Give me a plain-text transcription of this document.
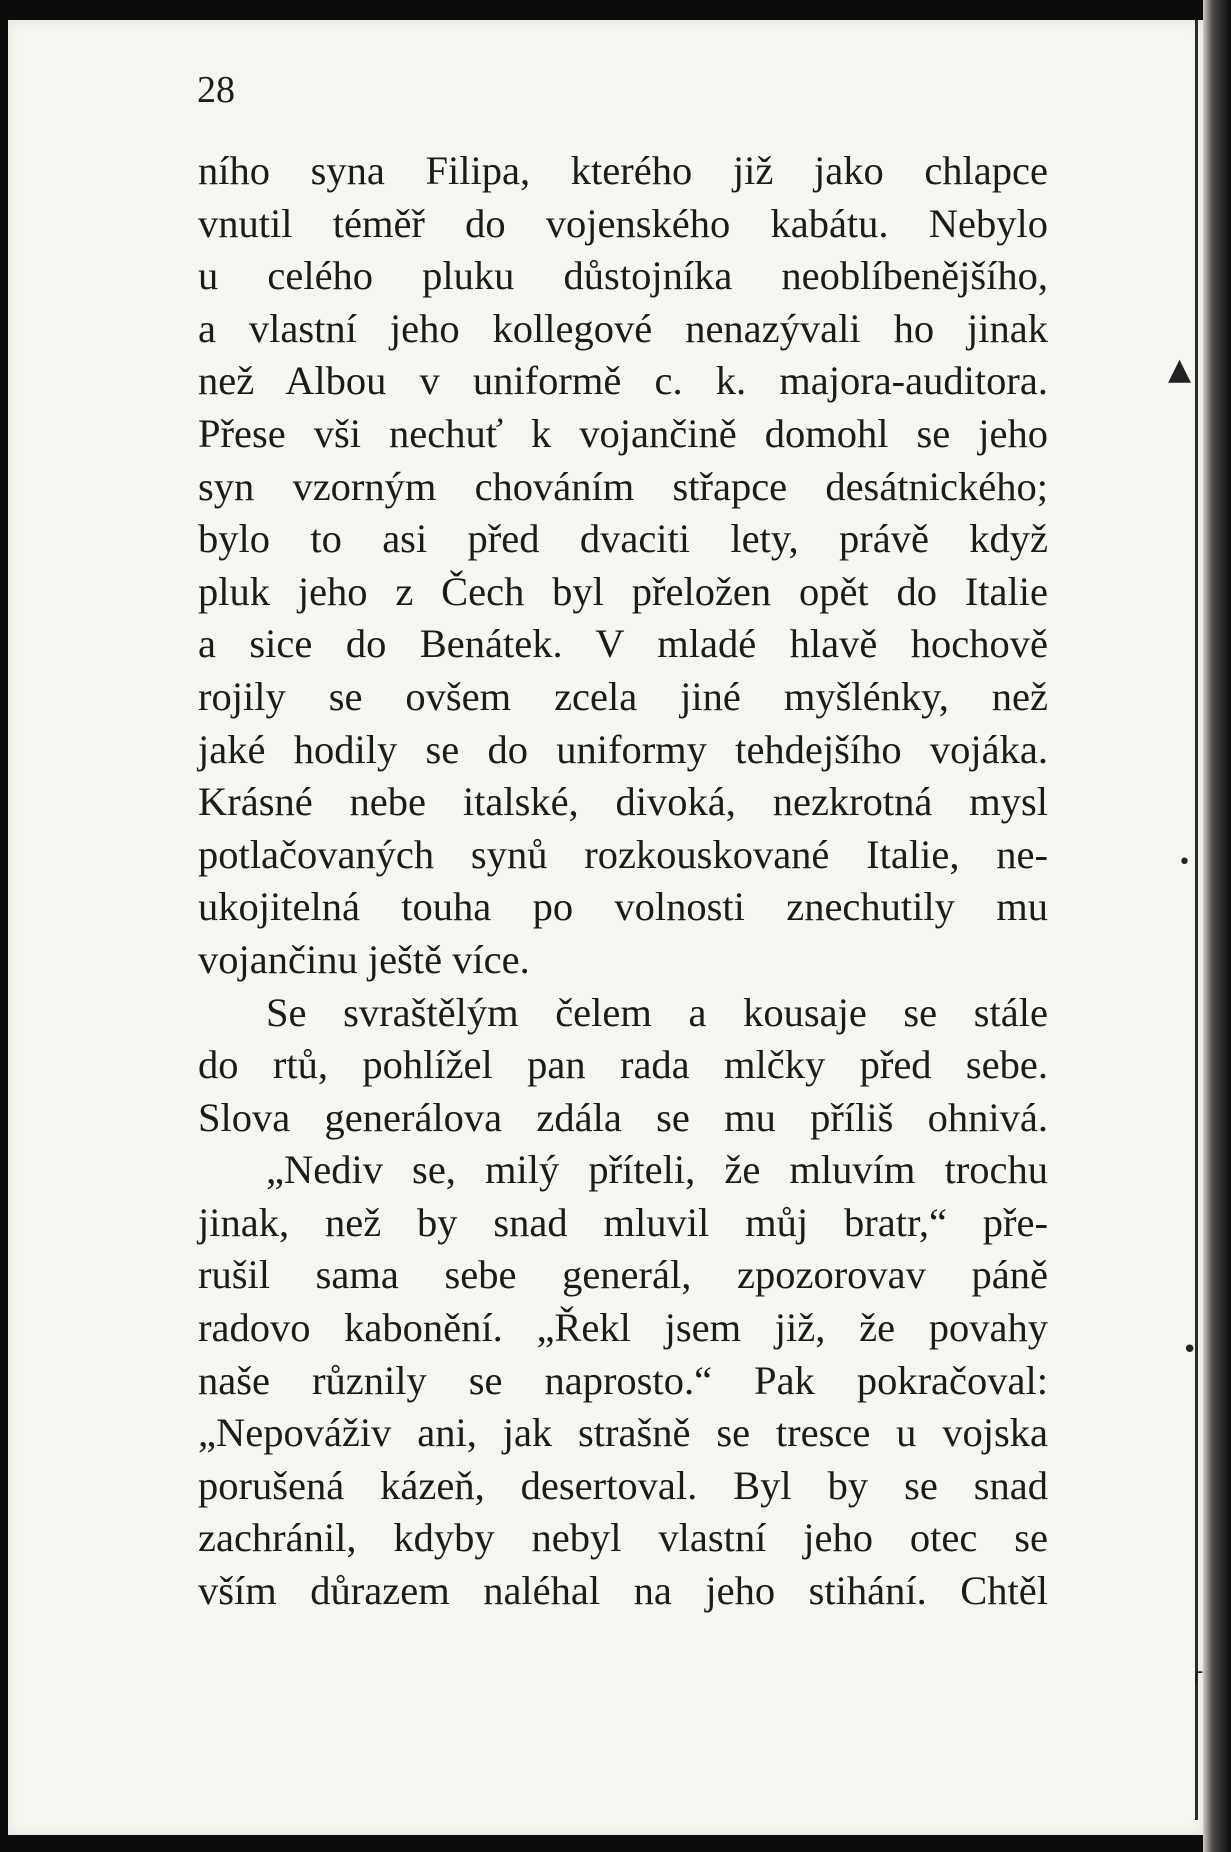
28
ního syna Filipa, kterého již jako chlapce
vnutil téměř do vojenského kabátu. Nebylo
u celého pluku důstojníka neoblíbenějšího,
a vlastní jeho kollegové nenazývali ho jinak
než Albou v uniformě c. k. majora-auditora.
Přese vši nechuť k vojančině domohl se jeho
syn vzorným chováním střapce desátnického;
bylo to asi před dvaciti lety, právě když
pluk jeho z Čech byl přeložen opět do Italie
a sice do Benátek. V mladé hlavě hochově
rojily se ovšem zcela jiné myšlénky, než
jaké hodily se do uniformy tehdejšího vojáka.
Krásné nebe italské, divoká, nezkrotná mysl
potlačovaných synů rozkouskované Italie, ne-
ukojitelná touha po volnosti znechutily mu
vojančinu ještě více.
Se svraštělým čelem a kousaje se stále
do rtů, pohlížel pan rada mlčky před sebe.
Slova generálova zdála se mu příliš ohnivá.
„Nediv se, milý příteli, že mluvím trochu
jinak, než by snad mluvil můj bratr,“ pře-
rušil sama sebe generál, zpozorovav páně
radovo kabonění. „Řekl jsem již, že povahy
naše různily se naprosto.“ Pak pokračoval:
„Nepováživ ani, jak strašně se tresce u vojska
porušená kázeň, desertoval. Byl by se snad
zachránil, kdyby nebyl vlastní jeho otec se
vším důrazem naléhal na jeho stihání. Chtěl
▲
•
•
╭
